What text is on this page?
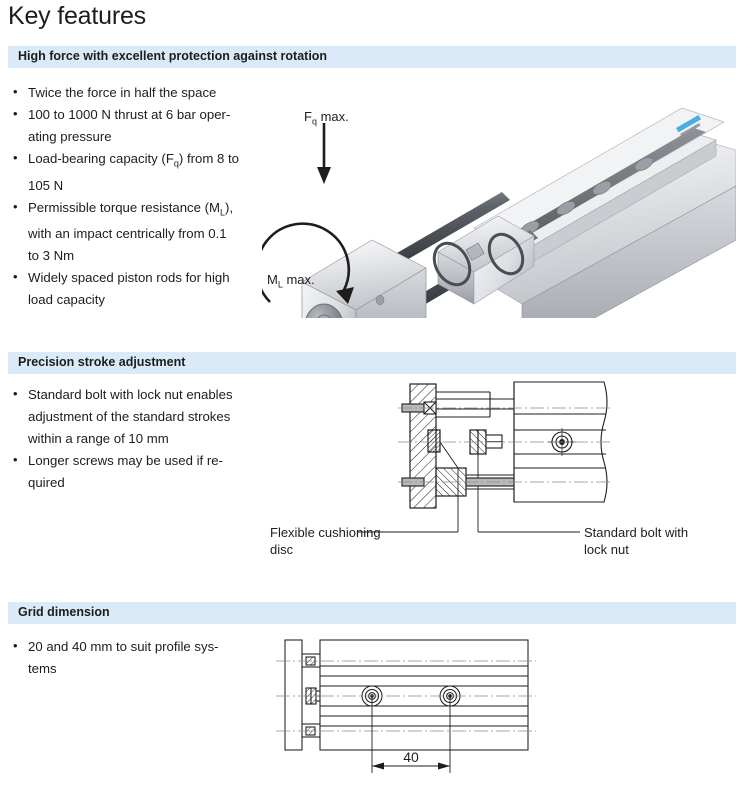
Key features
High force with excellent protection against rotation
• Twice the force in half the space
• 100 to 1000 N thrust at 6 bar oper-
ating pressure
• Load-bearing capacity $(F_q)$ from 8 to
105 N
• Permissible torque resistance $(M_L)$,
with an impact centrically from 0.1
to 3 Nm
• Widely spaced piston rods for high
load capacity
$F_q$ max.
$M_L$ max.
Precision stroke adjustment
• Standard bolt with lock nut enables
adjustment of the standard strokes
within a range of 10 mm
• Longer screws may be used if re-
quired
Flexible cushioning
disc
Standard bolt with
lock nut
Grid dimension
• 20 and 40 mm to suit profile sys-
tems
40
